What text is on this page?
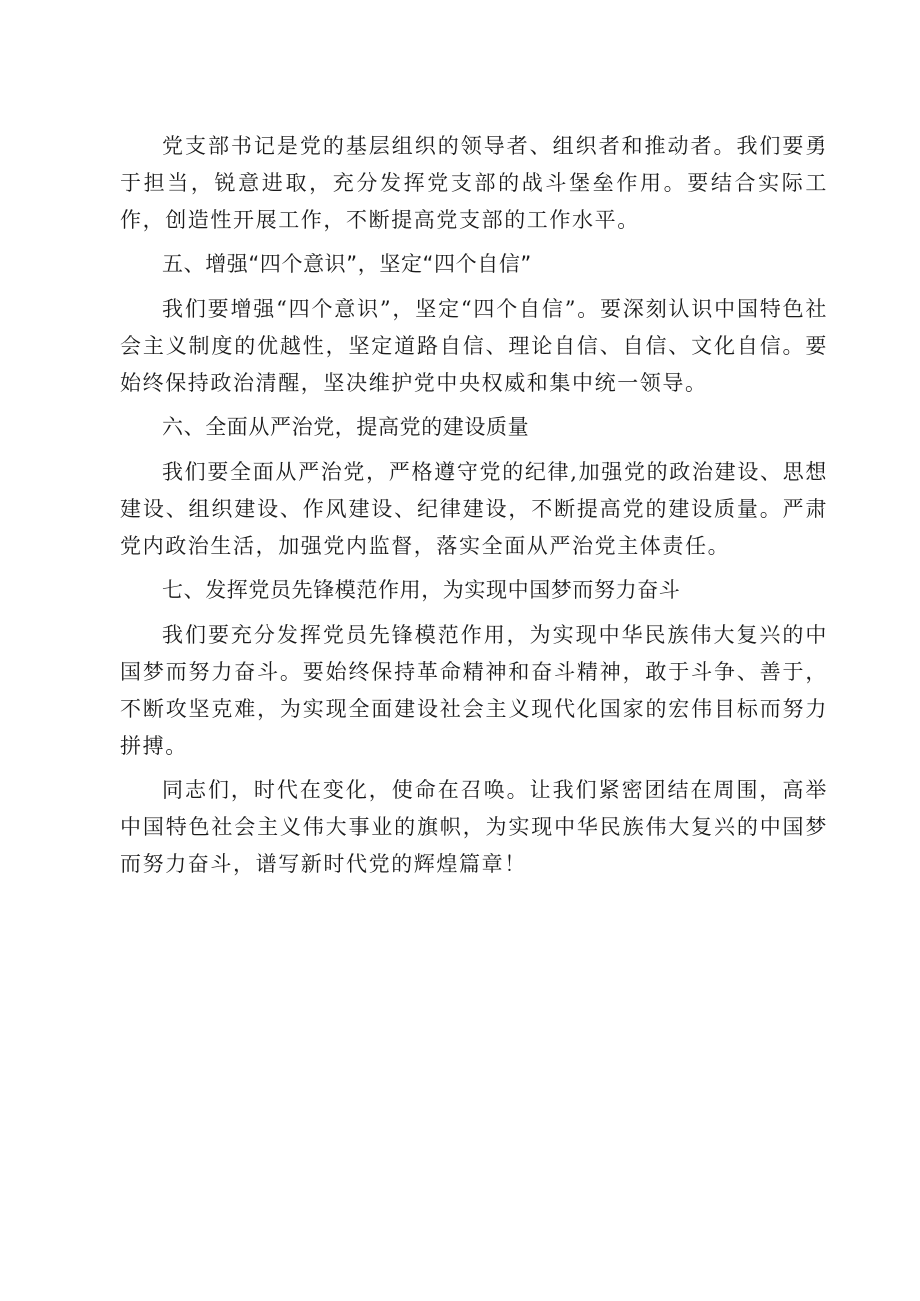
党支部书记是党的基层组织的领导者、组织者和推动者。我们要勇于担当，锐意进取，充分发挥党支部的战斗堡垒作用。要结合实际工作，创造性开展工作，不断提高党支部的工作水平。

五、增强“四个意识”，坚定“四个自信”

我们要增强“四个意识”，坚定“四个自信”。要深刻认识中国特色社会主义制度的优越性，坚定道路自信、理论自信、自信、文化自信。要始终保持政治清醒，坚决维护党中央权威和集中统一领导。

六、全面从严治党，提高党的建设质量

我们要全面从严治党，严格遵守党的纪律,加强党的政治建设、思想建设、组织建设、作风建设、纪律建设，不断提高党的建设质量。严肃党内政治生活，加强党内监督，落实全面从严治党主体责任。

七、发挥党员先锋模范作用，为实现中国梦而努力奋斗

我们要充分发挥党员先锋模范作用，为实现中华民族伟大复兴的中国梦而努力奋斗。要始终保持革命精神和奋斗精神，敢于斗争、善于，不断攻坚克难，为实现全面建设社会主义现代化国家的宏伟目标而努力拼搏。

同志们，时代在变化，使命在召唤。让我们紧密团结在周围，高举中国特色社会主义伟大事业的旗帜，为实现中华民族伟大复兴的中国梦而努力奋斗，谱写新时代党的辉煌篇章！
